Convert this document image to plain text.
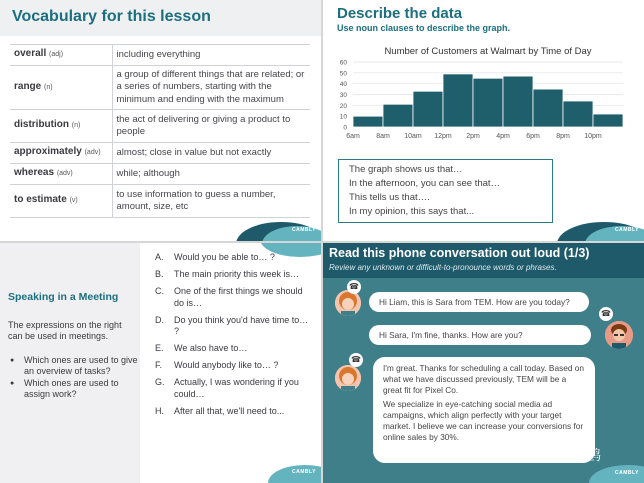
Vocabulary for this lesson
overall (adj)	including everything
range (n)	a group of different things that are related; or a series of numbers, starting with the minimum and ending with the maximum
distribution (n)	the act of delivering or giving a product to people
approximately (adv)	almost; close in value but not exactly
whereas (adv)	while; although
to estimate (v)	to use information to guess a number, amount, size, etc
CAMBLY
Describe the data
Use noun clauses to describe the graph.
Number of Customers at Walmart by Time of Day
0
10
20
30
40
50
60
6am 8am 10am 12pm 2pm 4pm 6pm 8pm 10pm
The graph shows us that…
In the afternoon, you can see that…
This tells us that….
In my opinion, this says that...
CAMBLY
Speaking in a Meeting
The expressions on the right can be used in meetings.
● Which ones are used to give an overview of tasks?
● Which ones are used to assign work?
A. Would you be able to… ?
B. The main priority this week is…
C. One of the first things we should do is…
D. Do you think you'd have time to… ?
E. We also have to…
F. Would anybody like to… ?
G. Actually, I was wondering if you could…
H. After all that, we'll need to...
CAMBLY
Read this phone conversation out loud (1/3)
Review any unknown or difficult-to-pronounce words or phrases.
☎
Hi Liam, this is Sara from TEM. How are you today?
Hi Sara, I'm fine, thanks. How are you?
☎
☎
I'm great. Thanks for scheduling a call today. Based on what we have discussed previously, TEM will be a great fit for Pixel Co.
We specialize in eye-catching social media ad campaigns, which align perfectly with your target market. I believe we can increase your conversions for online sales by 30%.
知乎 @李翼鸥
CAMBLY
